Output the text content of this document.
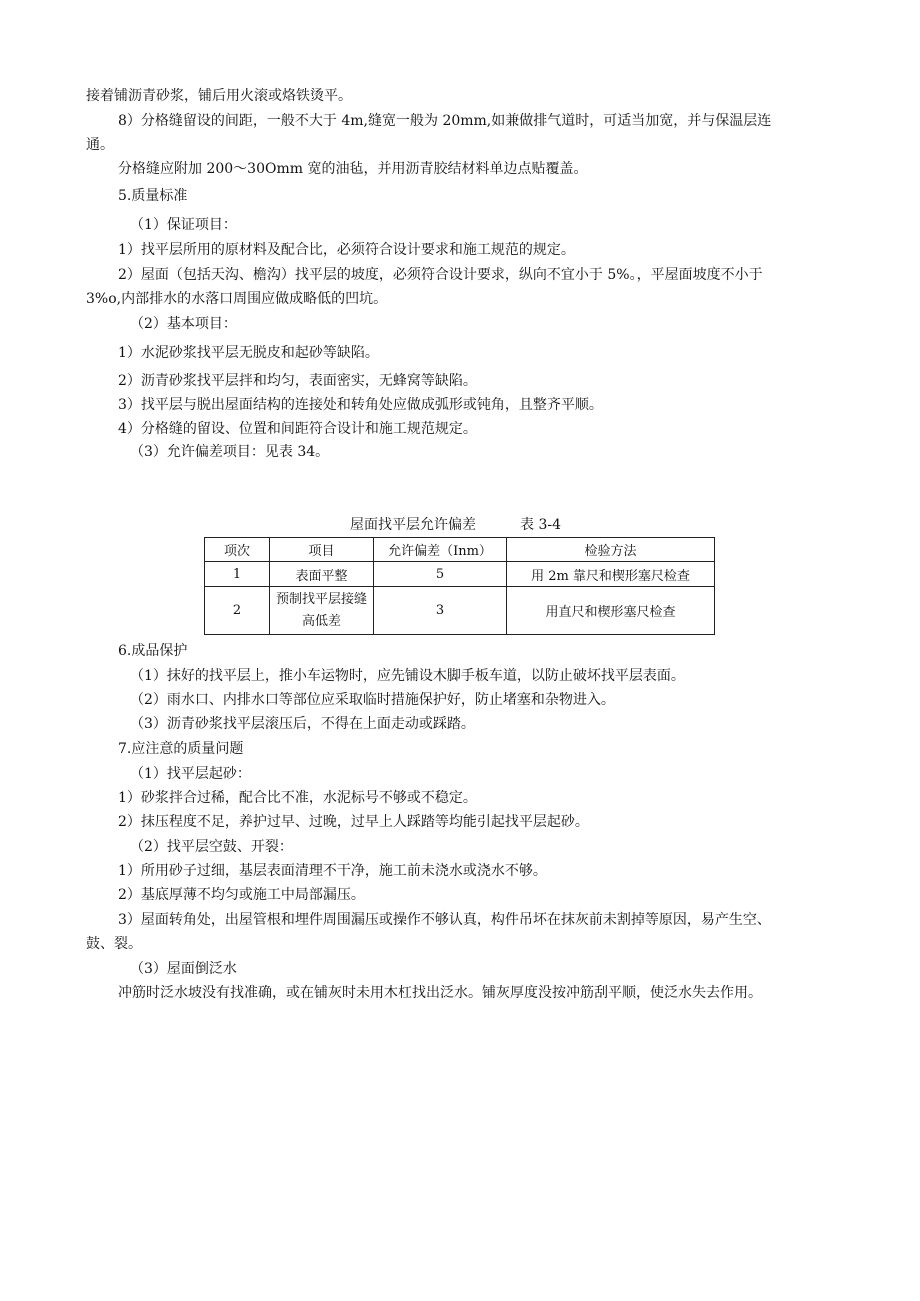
接着铺沥青砂浆，铺后用火滚或烙铁烫平。

8）分格缝留设的间距，一般不大于 4m,缝宽一般为 20mm,如兼做排气道时，可适当加宽，并与保温层连

通。

分格缝应附加 200～30Omm 宽的油毡，并用沥青胶结材料单边点贴覆盖。

5.质量标准

（1）保证项目：

1）找平层所用的原材料及配合比，必须符合设计要求和施工规范的规定。

2）屋面（包括天沟、檐沟）找平层的坡度，必须符合设计要求，纵向不宜小于 5%。，平屋面坡度不小于

3%o,内部排水的水落口周围应做成略低的凹坑。

（2）基本项目：

1）水泥砂浆找平层无脱皮和起砂等缺陷。

2）沥青砂浆找平层拌和均匀，表面密实，无蜂窝等缺陷。

3）找平层与脱出屋面结构的连接处和转角处应做成弧形或钝角，且整齐平顺。

4）分格缝的留设、位置和间距符合设计和施工规范规定。

（3）允许偏差项目：见表 34。

屋面找平层允许偏差	表 3-4
项次	项目	允许偏差（Inm）	检验方法
1	表面平整	5	用 2m 靠尺和楔形塞尺检查
2	预制找平层接缝
高低差	3	用直尺和楔形塞尺检查

6.成品保护

（1）抹好的找平层上，推小车运物时，应先铺设木脚手板车道，以防止破坏找平层表面。

（2）雨水口、内排水口等部位应采取临时措施保护好，防止堵塞和杂物进入。

（3）沥青砂浆找平层滚压后，不得在上面走动或踩踏。

7.应注意的质量问题

（1）找平层起砂：

1）砂浆拌合过稀，配合比不准，水泥标号不够或不稳定。

2）抹压程度不足，养护过早、过晚，过早上人踩踏等均能引起找平层起砂。

（2）找平层空鼓、开裂：

1）所用砂子过细，基层表面清理不干净，施工前未浇水或浇水不够。

2）基底厚薄不均匀或施工中局部漏压。

3）屋面转角处，出屋管根和埋件周围漏压或操作不够认真，构件吊坏在抹灰前未割掉等原因，易产生空、

鼓、裂。

（3）屋面倒泛水

冲筋时泛水坡没有找准确，或在铺灰时未用木杠找出泛水。铺灰厚度没按冲筋刮平顺，使泛水失去作用。
